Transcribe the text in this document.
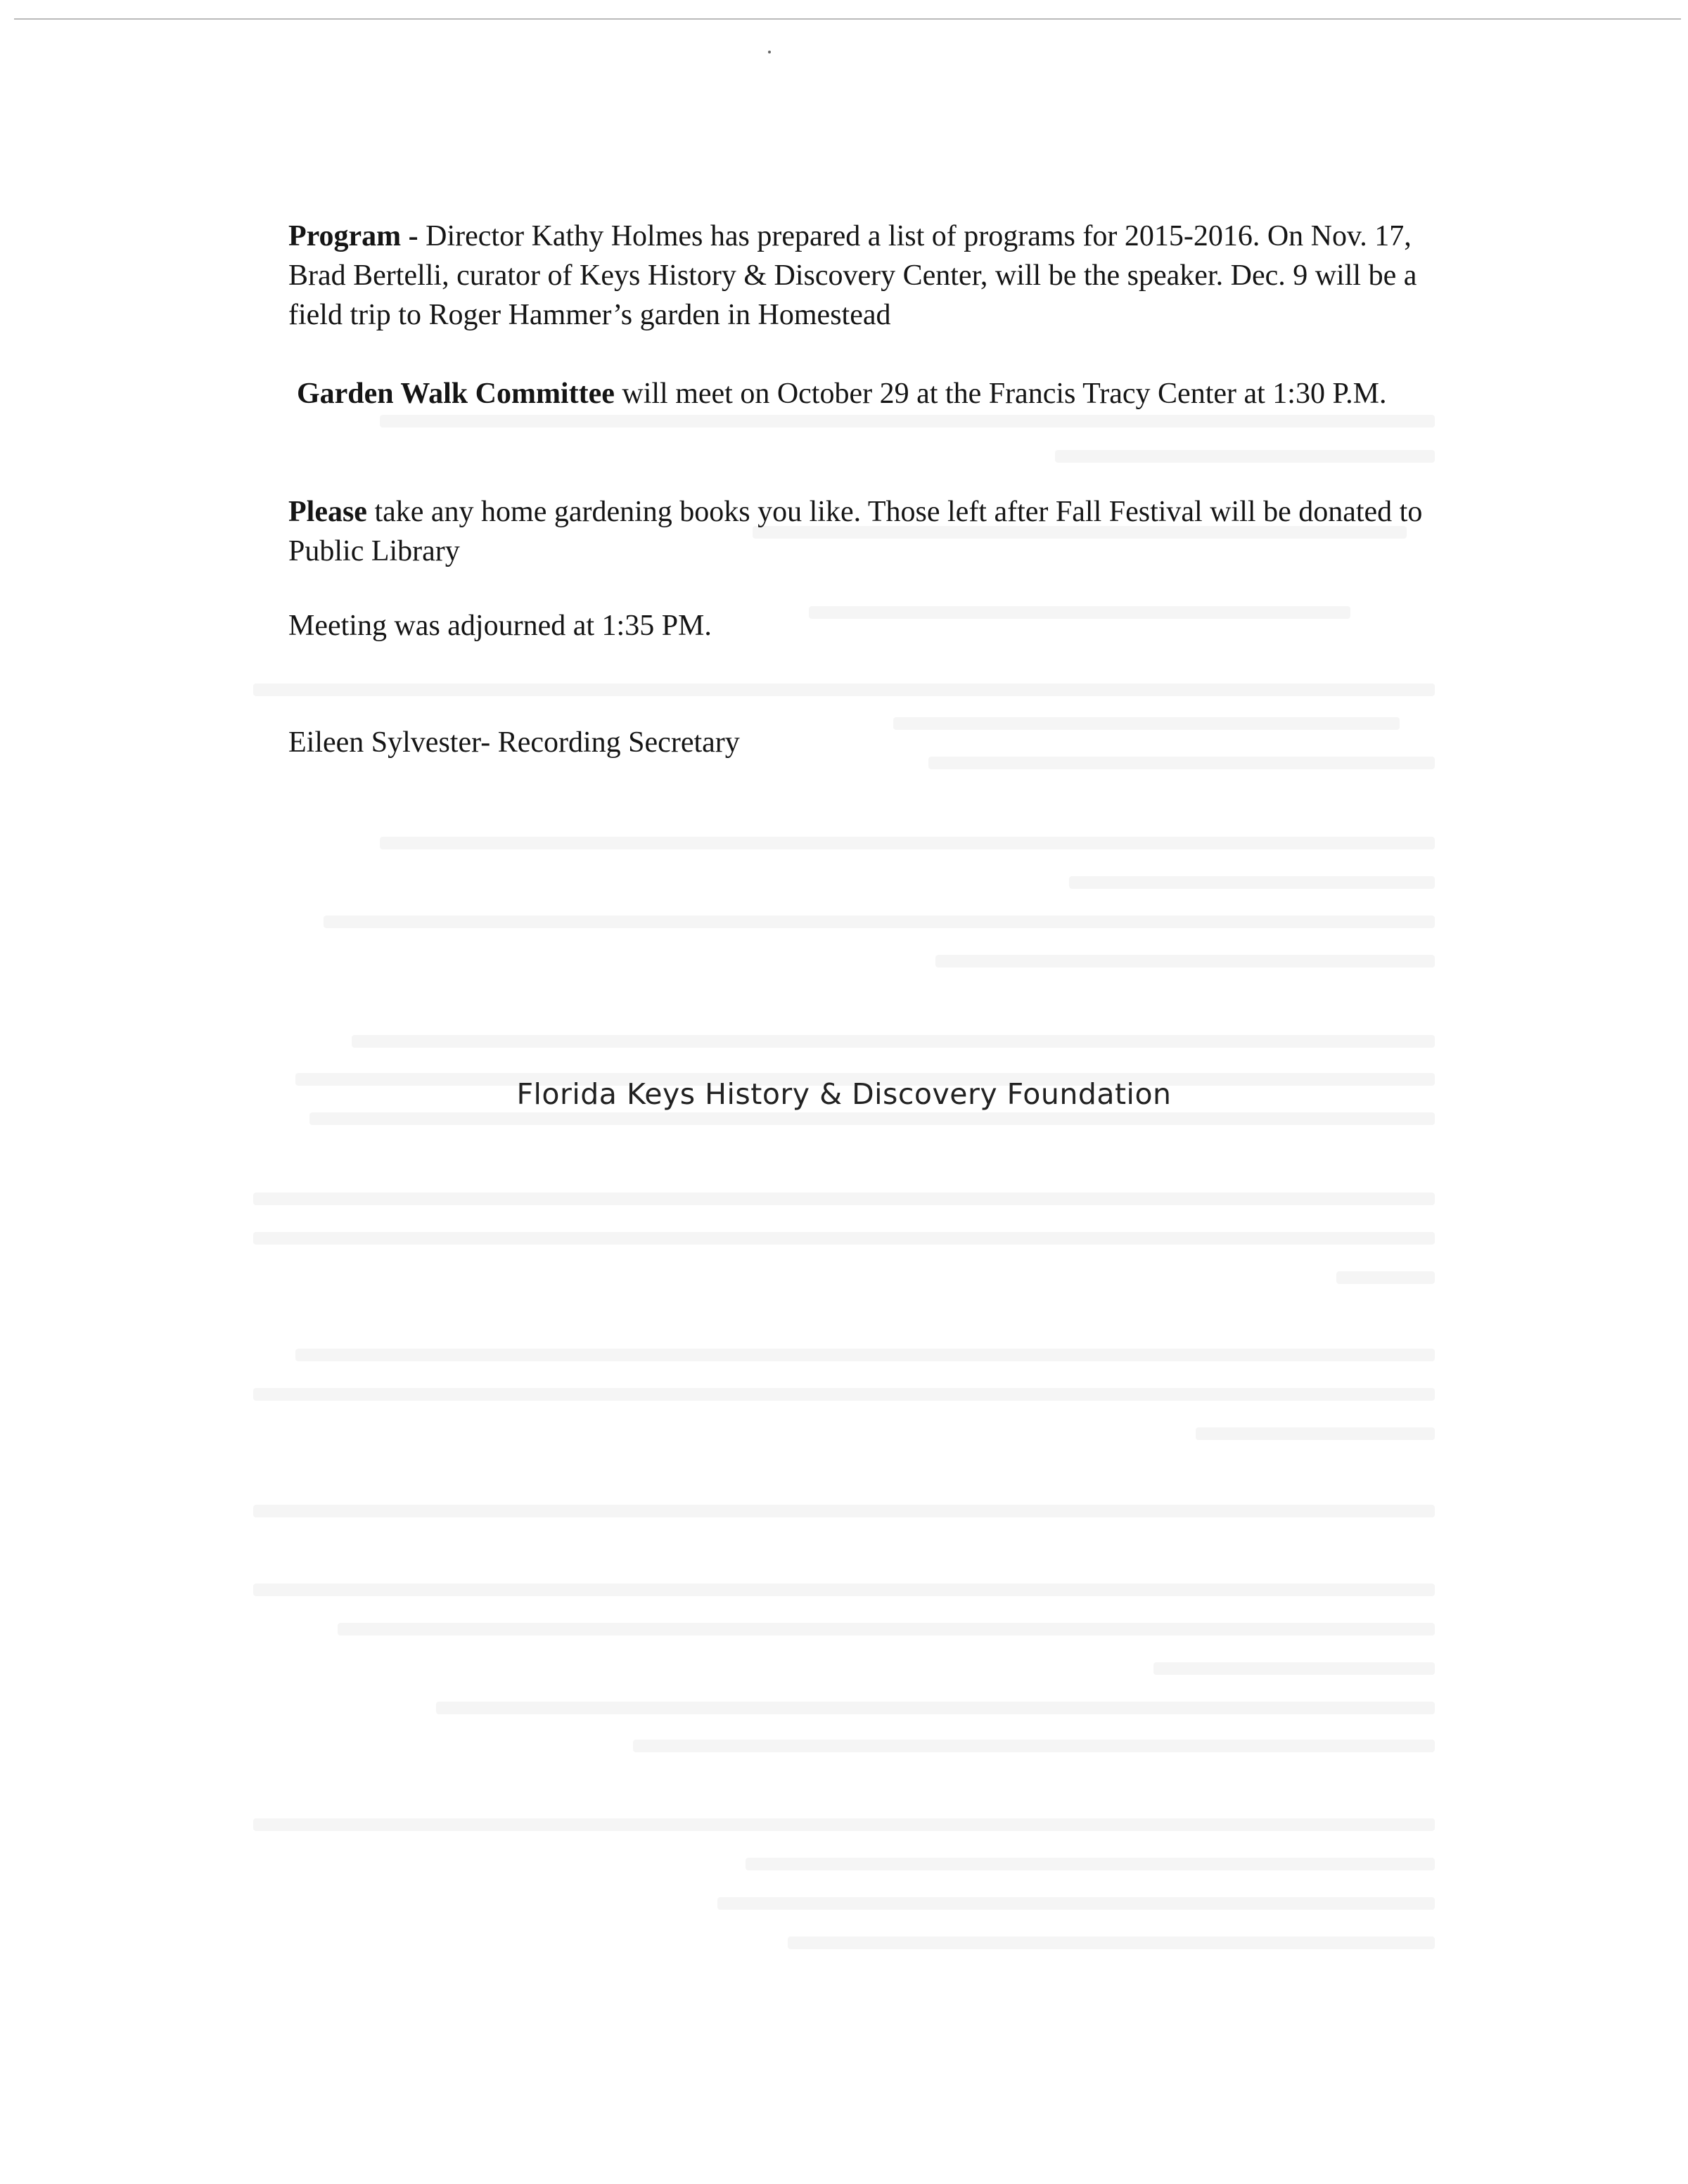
Program - Director Kathy Holmes has prepared a list of programs for 2015-2016. On Nov. 17, Brad Bertelli, curator of Keys History & Discovery Center, will be the speaker. Dec. 9 will be a field trip to Roger Hammer’s garden in Homestead

Garden Walk Committee will meet on October 29 at the Francis Tracy Center at 1:30 P.M.

Please take any home gardening books you like. Those left after Fall Festival will be donated to Public Library

Meeting was adjourned at 1:35 PM.

Eileen Sylvester- Recording Secretary

Florida Keys History & Discovery Foundation
